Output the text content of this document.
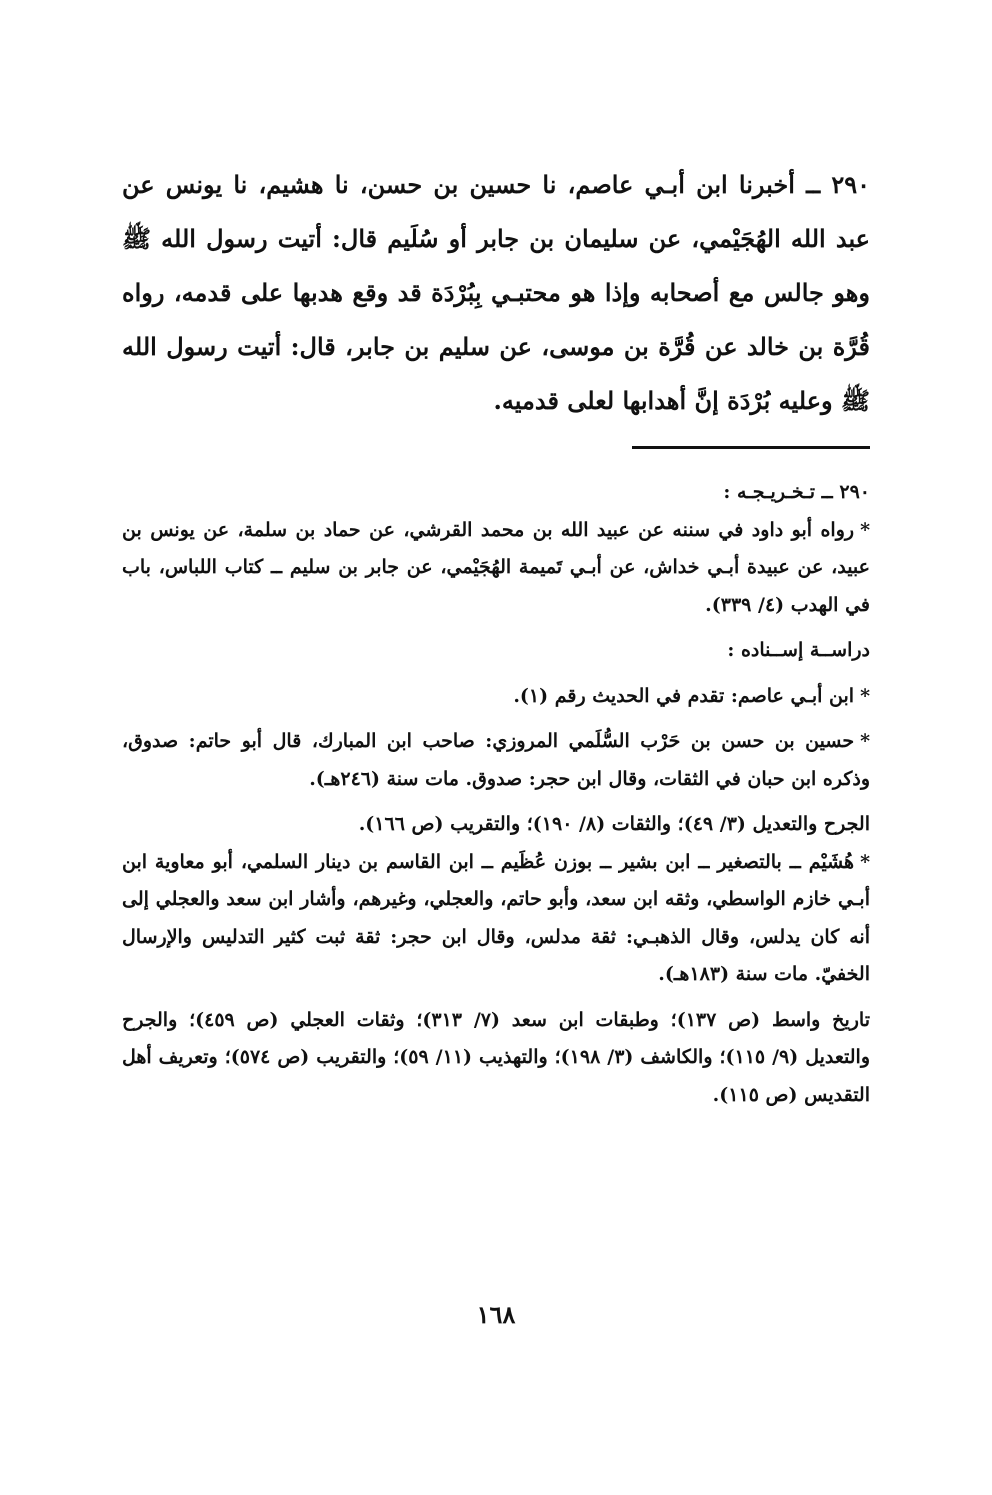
٢٩٠ ــ أخبرنا ابن أبـي عاصم، نا حسين بن حسن، نا هشيم، نا يونس عن عبد الله الهُجَيْمي، عن سليمان بن جابر أو سُلَيم قال: أتيت رسول الله ﷺ وهو جالس مع أصحابه وإذا هو محتبـي بِبُرْدَة قد وقع هدبها على قدمه، رواه قُرَّة بن خالد عن قُرَّة بن موسى، عن سليم بن جابر، قال: أتيت رسول الله ﷺ وعليه بُرْدَة إنَّ أهدابها لعلى قدميه.

٢٩٠ ــ تـخـريـجـه :

*رواه أبو داود في سننه عن عبيد الله بن محمد القرشي، عن حماد بن سلمة، عن يونس بن عبيد، عن عبيدة أبـي خداش، عن أبـي تَميمة الهُجَيْمي، عن جابر بن سليم ــ كتاب اللباس، باب في الهدب (٤/ ٣٣٩).

دراســة إســناده :

*ابن أبـي عاصم: تقدم في الحديث رقم (١).

*حسين بن حسن بن حَرْب السُّلَمي المروزي: صاحب ابن المبارك، قال أبو حاتم: صدوق، وذكره ابن حبان في الثقات، وقال ابن حجر: صدوق. مات سنة (٢٤٦هـ).

الجرح والتعديل (٣/ ٤٩)؛ والثقات (٨/ ١٩٠)؛ والتقريب (ص ١٦٦).

*هُشَيْم ــ بالتصغير ــ ابن بشير ــ بوزن عُظَيم ــ ابن القاسم بن دينار السلمي، أبو معاوية ابن أبـي خازم الواسطي، وثقه ابن سعد، وأبو حاتم، والعجلي، وغيرهم، وأشار ابن سعد والعجلي إلى أنه كان يدلس، وقال الذهبـي: ثقة مدلس، وقال ابن حجر: ثقة ثبت كثير التدليس والإرسال الخفيّ. مات سنة (١٨٣هـ).

تاريخ واسط (ص ١٣٧)؛ وطبقات ابن سعد (٧/ ٣١٣)؛ وثقات العجلي (ص ٤٥٩)؛ والجرح والتعديل (٩/ ١١٥)؛ والكاشف (٣/ ١٩٨)؛ والتهذيب (١١/ ٥٩)؛ والتقريب (ص ٥٧٤)؛ وتعريف أهل التقديس (ص ١١٥).

١٦٨
